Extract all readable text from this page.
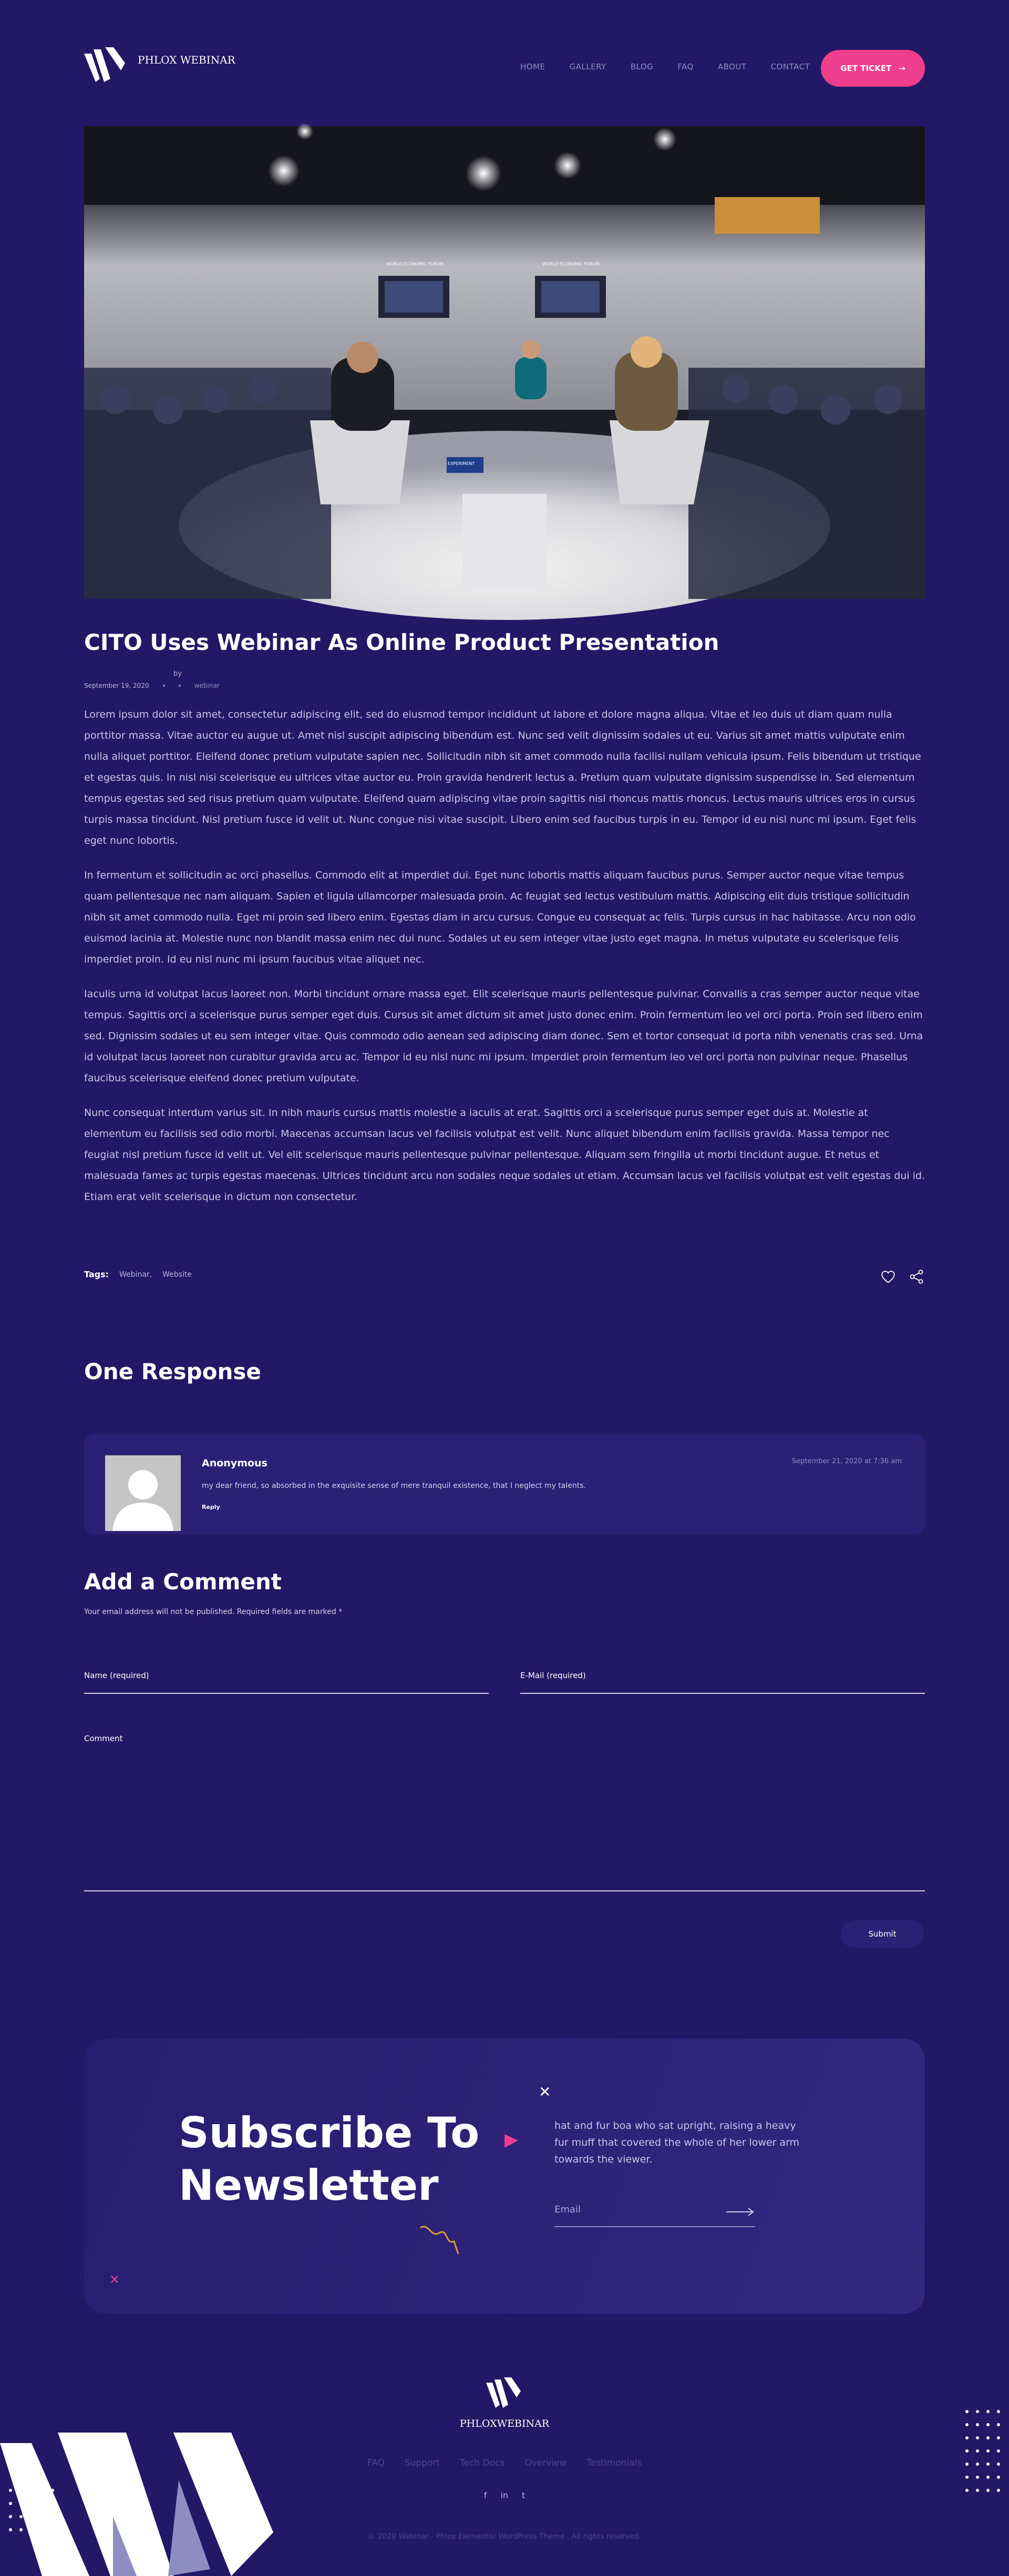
PHLOX WEBINAR
HOME	GALLERY	BLOG	FAQ	ABOUT	CONTACT	GET TICKET →
WORLD ECONOMIC FORUM	WORLD ECONOMIC FORUM
EXPERIMENT
CITO Uses Webinar As Online Product Presentation
by
September 19, 2020	webinar

Lorem ipsum dolor sit amet, consectetur adipiscing elit, sed do eiusmod tempor incididunt ut labore et dolore magna aliqua. Vitae et leo duis ut diam quam nulla porttitor massa. Vitae auctor eu augue ut. Amet nisl suscipit adipiscing bibendum est. Nunc sed velit dignissim sodales ut eu. Varius sit amet mattis vulputate enim nulla aliquet porttitor. Eleifend donec pretium vulputate sapien nec. Sollicitudin nibh sit amet commodo nulla facilisi nullam vehicula ipsum. Felis bibendum ut tristique et egestas quis. In nisl nisi scelerisque eu ultrices vitae auctor eu. Proin gravida hendrerit lectus a. Pretium quam vulputate dignissim suspendisse in. Sed elementum tempus egestas sed sed risus pretium quam vulputate. Eleifend quam adipiscing vitae proin sagittis nisl rhoncus mattis rhoncus. Lectus mauris ultrices eros in cursus turpis massa tincidunt. Nisl pretium fusce id velit ut. Nunc congue nisi vitae suscipit. Libero enim sed faucibus turpis in eu. Tempor id eu nisl nunc mi ipsum. Eget felis eget nunc lobortis.

In fermentum et sollicitudin ac orci phasellus. Commodo elit at imperdiet dui. Eget nunc lobortis mattis aliquam faucibus purus. Semper auctor neque vitae tempus quam pellentesque nec nam aliquam. Sapien et ligula ullamcorper malesuada proin. Ac feugiat sed lectus vestibulum mattis. Adipiscing elit duis tristique sollicitudin nibh sit amet commodo nulla. Eget mi proin sed libero enim. Egestas diam in arcu cursus. Congue eu consequat ac felis. Turpis cursus in hac habitasse. Arcu non odio euismod lacinia at. Molestie nunc non blandit massa enim nec dui nunc. Sodales ut eu sem integer vitae justo eget magna. In metus vulputate eu scelerisque felis imperdiet proin. Id eu nisl nunc mi ipsum faucibus vitae aliquet nec.

Iaculis urna id volutpat lacus laoreet non. Morbi tincidunt ornare massa eget. Elit scelerisque mauris pellentesque pulvinar. Convallis a cras semper auctor neque vitae tempus. Sagittis orci a scelerisque purus semper eget duis. Cursus sit amet dictum sit amet justo donec enim. Proin fermentum leo vel orci porta. Proin sed libero enim sed. Dignissim sodales ut eu sem integer vitae. Quis commodo odio aenean sed adipiscing diam donec. Sem et tortor consequat id porta nibh venenatis cras sed. Urna id volutpat lacus laoreet non curabitur gravida arcu ac. Tempor id eu nisl nunc mi ipsum. Imperdiet proin fermentum leo vel orci porta non pulvinar neque. Phasellus faucibus scelerisque eleifend donec pretium vulputate.

Nunc consequat interdum varius sit. In nibh mauris cursus mattis molestie a iaculis at erat. Sagittis orci a scelerisque purus semper eget duis at. Molestie at elementum eu facilisis sed odio morbi. Maecenas accumsan lacus vel facilisis volutpat est velit. Nunc aliquet bibendum enim facilisis gravida. Massa tempor nec feugiat nisl pretium fusce id velit ut. Vel elit scelerisque mauris pellentesque pulvinar pellentesque. Aliquam sem fringilla ut morbi tincidunt augue. Et netus et malesuada fames ac turpis egestas maecenas. Ultrices tincidunt arcu non sodales neque sodales ut etiam. Accumsan lacus vel facilisis volutpat est velit egestas dui id. Etiam erat velit scelerisque in dictum non consectetur.

Tags: Webinar, Website
One Response
Anonymous	September 21, 2020 at 7:36 am
my dear friend, so absorbed in the exquisite sense of mere tranquil existence, that I neglect my talents.
Reply
Add a Comment
Your email address will not be published. Required fields are marked *
Name (required)	E-Mail (required)
Comment
Submit
✕
✕
Subscribe To
Newsletter
hat and fur boa who sat upright, raising a heavy fur muff that covered the whole of her lower arm towards the viewer.
Email
PHLOXWEBINAR
FAQ Support Tech Docs Overview Testimonials
f in t
© 2020 Webinar - Phlox Elementor WordPress Theme . All rights reserved.
